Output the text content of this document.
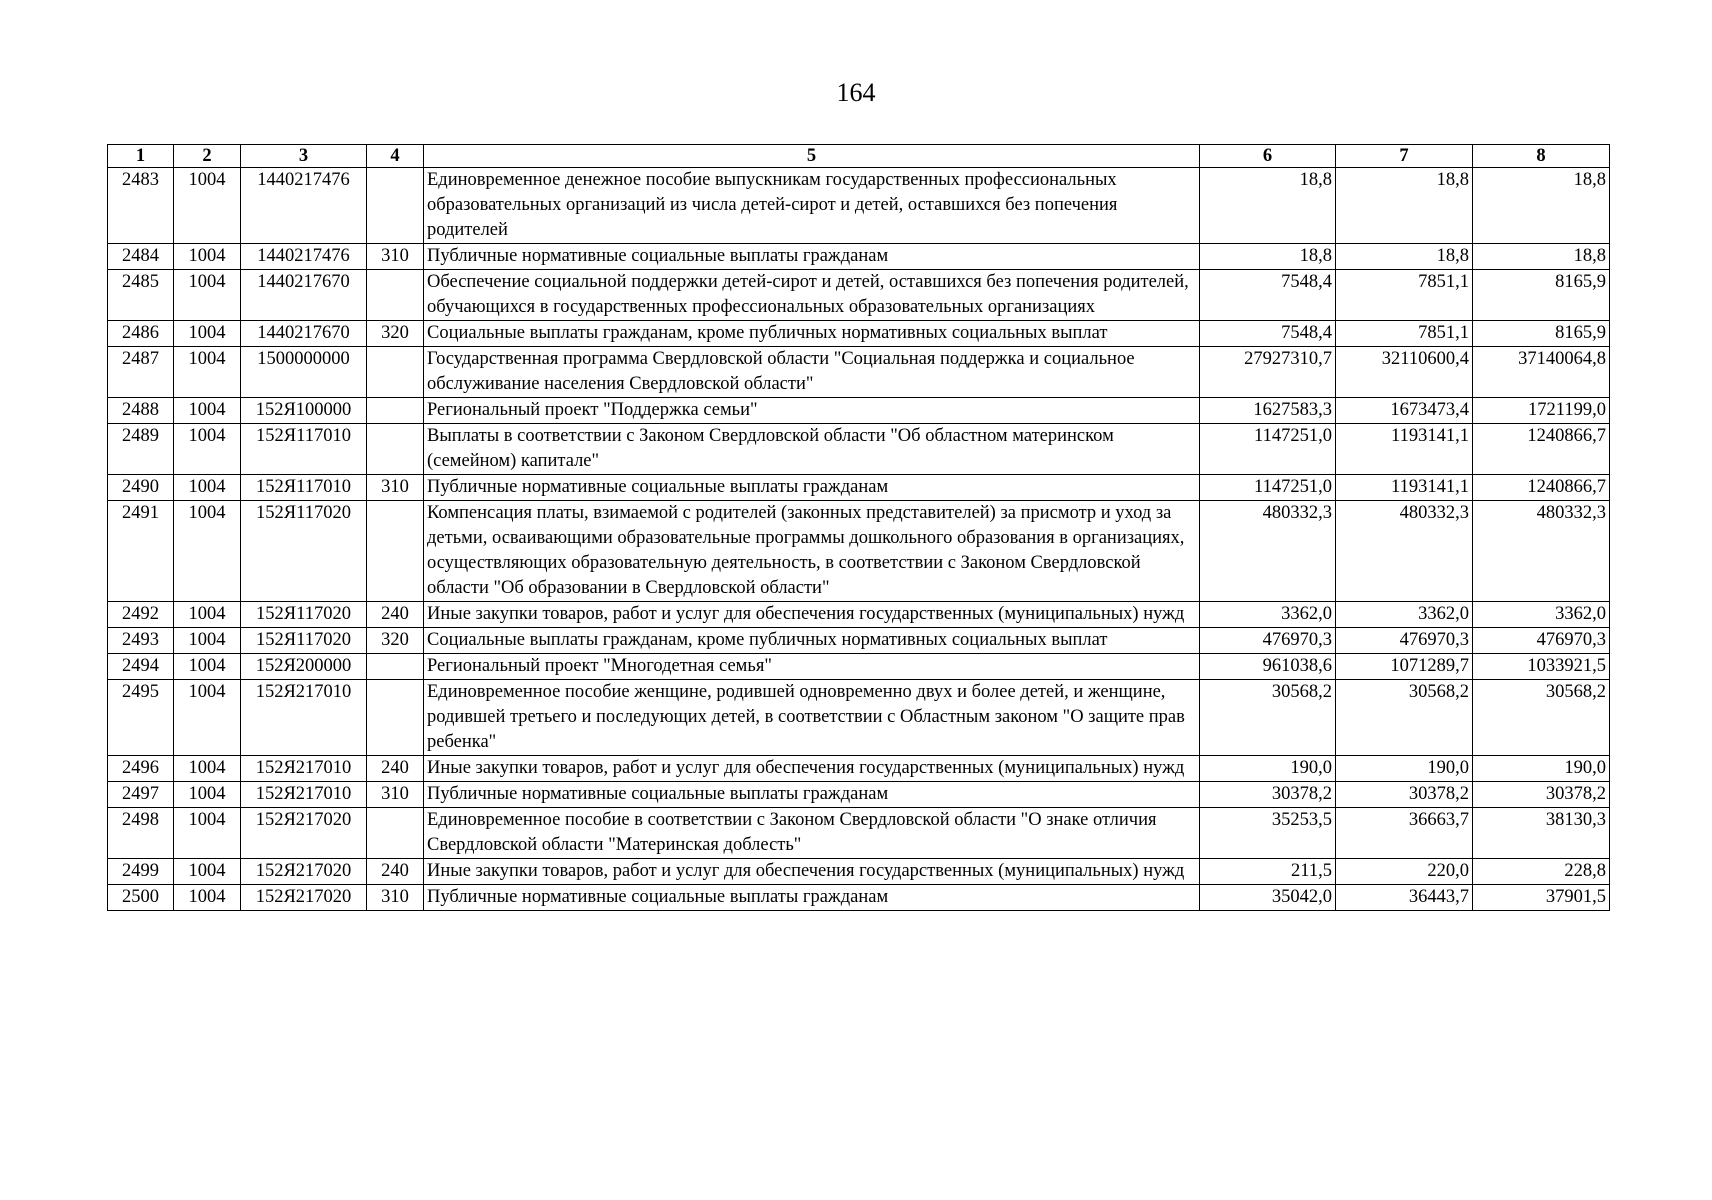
164
1	2	3	4	5	6	7	8
2483	1004	1440217476		Единовременное денежное пособие выпускникам государственных профессиональных образовательных организаций из числа детей-сирот и детей, оставшихся без попечения родителей	18,8	18,8	18,8
2484	1004	1440217476	310	Публичные нормативные социальные выплаты гражданам	18,8	18,8	18,8
2485	1004	1440217670		Обеспечение социальной поддержки детей-сирот и детей, оставшихся без попечения родителей, обучающихся в государственных профессиональных образовательных организациях	7548,4	7851,1	8165,9
2486	1004	1440217670	320	Социальные выплаты гражданам, кроме публичных нормативных социальных выплат	7548,4	7851,1	8165,9
2487	1004	1500000000		Государственная программа Свердловской области "Социальная поддержка и социальное обслуживание населения Свердловской области"	27927310,7	32110600,4	37140064,8
2488	1004	152Я100000		Региональный проект "Поддержка семьи"	1627583,3	1673473,4	1721199,0
2489	1004	152Я117010		Выплаты в соответствии с Законом Свердловской области "Об областном материнском (семейном) капитале"	1147251,0	1193141,1	1240866,7
2490	1004	152Я117010	310	Публичные нормативные социальные выплаты гражданам	1147251,0	1193141,1	1240866,7
2491	1004	152Я117020		Компенсация платы, взимаемой с родителей (законных представителей) за присмотр и уход за детьми, осваивающими образовательные программы дошкольного образования в организациях, осуществляющих образовательную деятельность, в соответствии с Законом Свердловской области "Об образовании в Свердловской области"	480332,3	480332,3	480332,3
2492	1004	152Я117020	240	Иные закупки товаров, работ и услуг для обеспечения государственных (муниципальных) нужд	3362,0	3362,0	3362,0
2493	1004	152Я117020	320	Социальные выплаты гражданам, кроме публичных нормативных социальных выплат	476970,3	476970,3	476970,3
2494	1004	152Я200000		Региональный проект "Многодетная семья"	961038,6	1071289,7	1033921,5
2495	1004	152Я217010		Единовременное пособие женщине, родившей одновременно двух и более детей, и женщине, родившей третьего и последующих детей, в соответствии с Областным законом "О защите прав ребенка"	30568,2	30568,2	30568,2
2496	1004	152Я217010	240	Иные закупки товаров, работ и услуг для обеспечения государственных (муниципальных) нужд	190,0	190,0	190,0
2497	1004	152Я217010	310	Публичные нормативные социальные выплаты гражданам	30378,2	30378,2	30378,2
2498	1004	152Я217020		Единовременное пособие в соответствии с Законом Свердловской области "О знаке отличия Свердловской области "Материнская доблесть"	35253,5	36663,7	38130,3
2499	1004	152Я217020	240	Иные закупки товаров, работ и услуг для обеспечения государственных (муниципальных) нужд	211,5	220,0	228,8
2500	1004	152Я217020	310	Публичные нормативные социальные выплаты гражданам	35042,0	36443,7	37901,5
